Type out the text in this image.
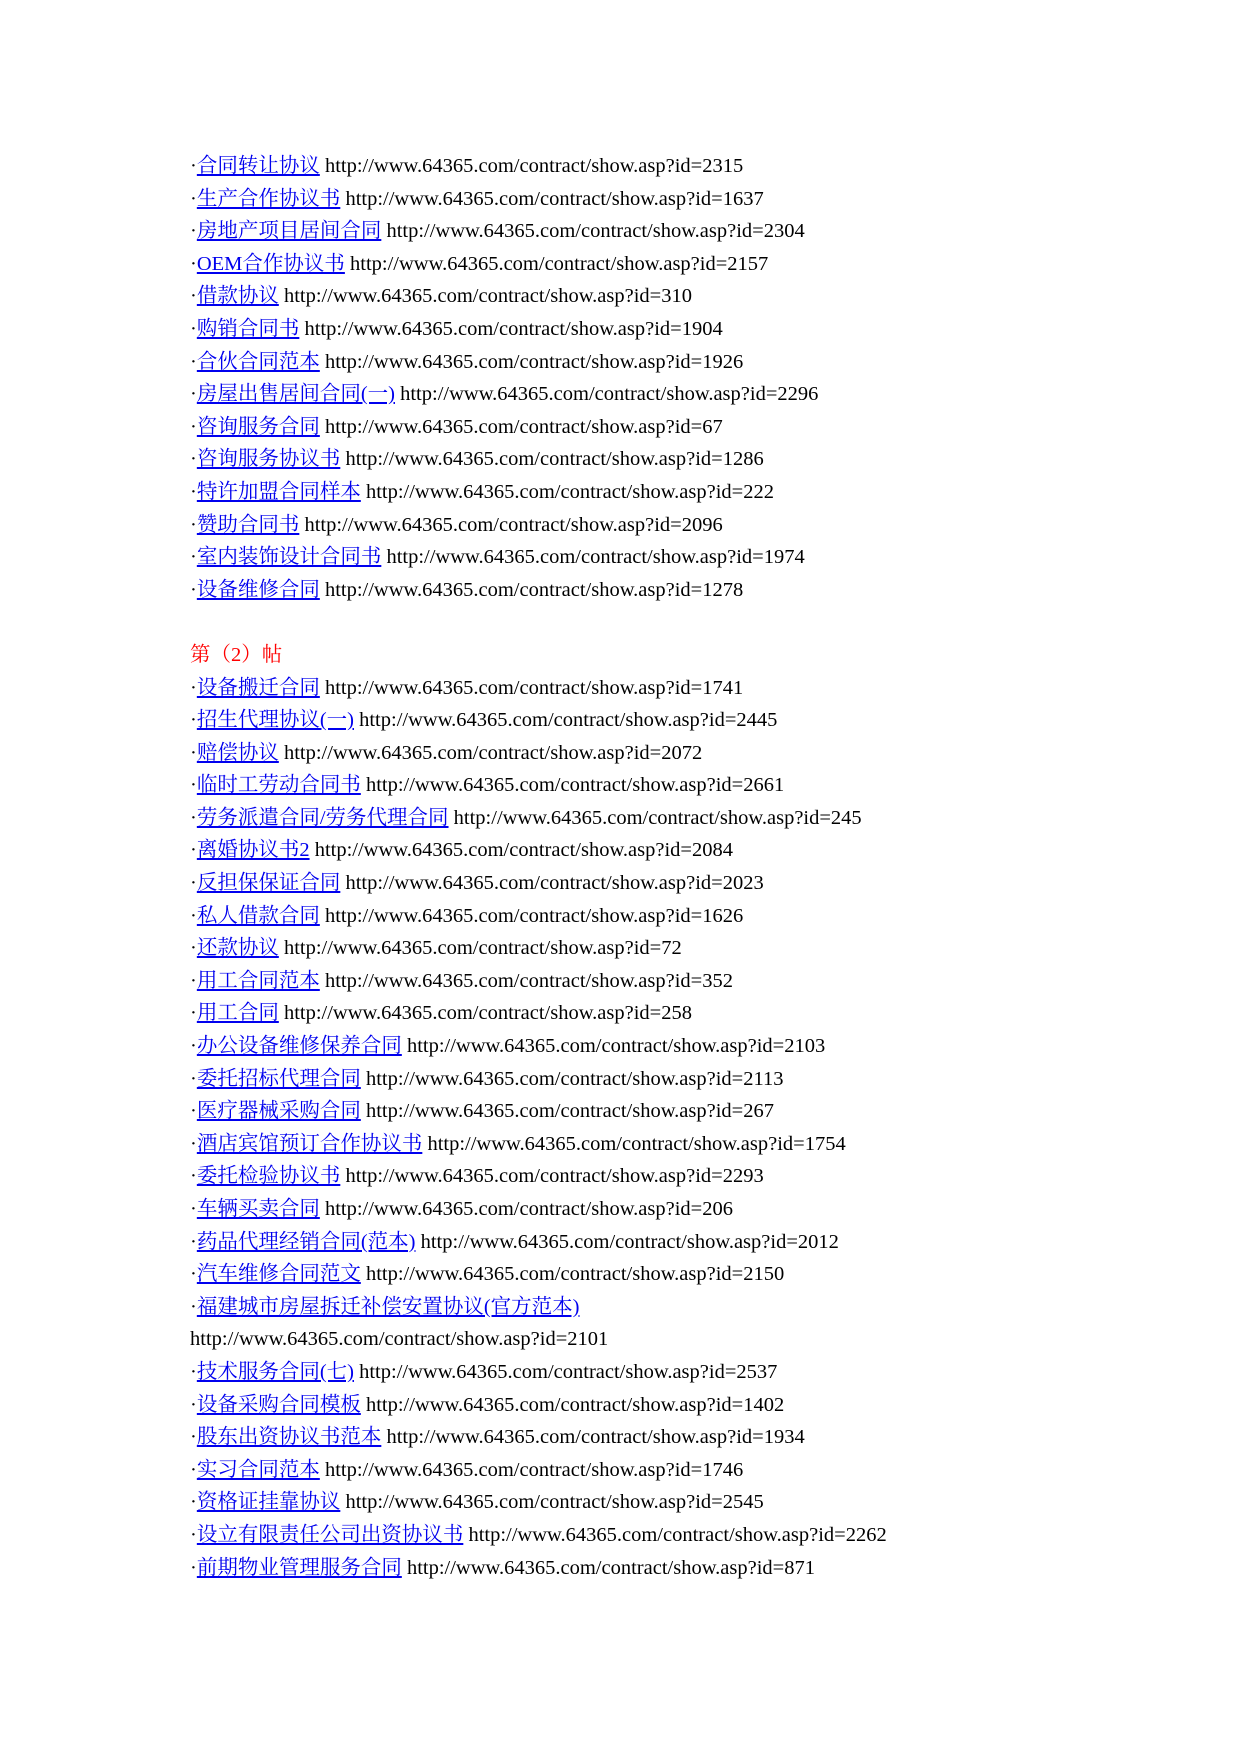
·合同转让协议 http://www.64365.com/contract/show.asp?id=2315
·生产合作协议书 http://www.64365.com/contract/show.asp?id=1637
·房地产项目居间合同 http://www.64365.com/contract/show.asp?id=2304
·OEM合作协议书 http://www.64365.com/contract/show.asp?id=2157
·借款协议 http://www.64365.com/contract/show.asp?id=310
·购销合同书 http://www.64365.com/contract/show.asp?id=1904
·合伙合同范本 http://www.64365.com/contract/show.asp?id=1926
·房屋出售居间合同(一) http://www.64365.com/contract/show.asp?id=2296
·咨询服务合同 http://www.64365.com/contract/show.asp?id=67
·咨询服务协议书 http://www.64365.com/contract/show.asp?id=1286
·特许加盟合同样本 http://www.64365.com/contract/show.asp?id=222
·赞助合同书 http://www.64365.com/contract/show.asp?id=2096
·室内装饰设计合同书 http://www.64365.com/contract/show.asp?id=1974
·设备维修合同 http://www.64365.com/contract/show.asp?id=1278
第（2）帖
·设备搬迁合同 http://www.64365.com/contract/show.asp?id=1741
·招生代理协议(一) http://www.64365.com/contract/show.asp?id=2445
·赔偿协议 http://www.64365.com/contract/show.asp?id=2072
·临时工劳动合同书 http://www.64365.com/contract/show.asp?id=2661
·劳务派遣合同/劳务代理合同 http://www.64365.com/contract/show.asp?id=245
·离婚协议书2 http://www.64365.com/contract/show.asp?id=2084
·反担保保证合同 http://www.64365.com/contract/show.asp?id=2023
·私人借款合同 http://www.64365.com/contract/show.asp?id=1626
·还款协议 http://www.64365.com/contract/show.asp?id=72
·用工合同范本 http://www.64365.com/contract/show.asp?id=352
·用工合同 http://www.64365.com/contract/show.asp?id=258
·办公设备维修保养合同 http://www.64365.com/contract/show.asp?id=2103
·委托招标代理合同 http://www.64365.com/contract/show.asp?id=2113
·医疗器械采购合同 http://www.64365.com/contract/show.asp?id=267
·酒店宾馆预订合作协议书 http://www.64365.com/contract/show.asp?id=1754
·委托检验协议书 http://www.64365.com/contract/show.asp?id=2293
·车辆买卖合同 http://www.64365.com/contract/show.asp?id=206
·药品代理经销合同(范本) http://www.64365.com/contract/show.asp?id=2012
·汽车维修合同范文 http://www.64365.com/contract/show.asp?id=2150
·福建城市房屋拆迁补偿安置协议(官方范本)
http://www.64365.com/contract/show.asp?id=2101
·技术服务合同(七) http://www.64365.com/contract/show.asp?id=2537
·设备采购合同模板 http://www.64365.com/contract/show.asp?id=1402
·股东出资协议书范本 http://www.64365.com/contract/show.asp?id=1934
·实习合同范本 http://www.64365.com/contract/show.asp?id=1746
·资格证挂靠协议 http://www.64365.com/contract/show.asp?id=2545
·设立有限责任公司出资协议书 http://www.64365.com/contract/show.asp?id=2262
·前期物业管理服务合同 http://www.64365.com/contract/show.asp?id=871
